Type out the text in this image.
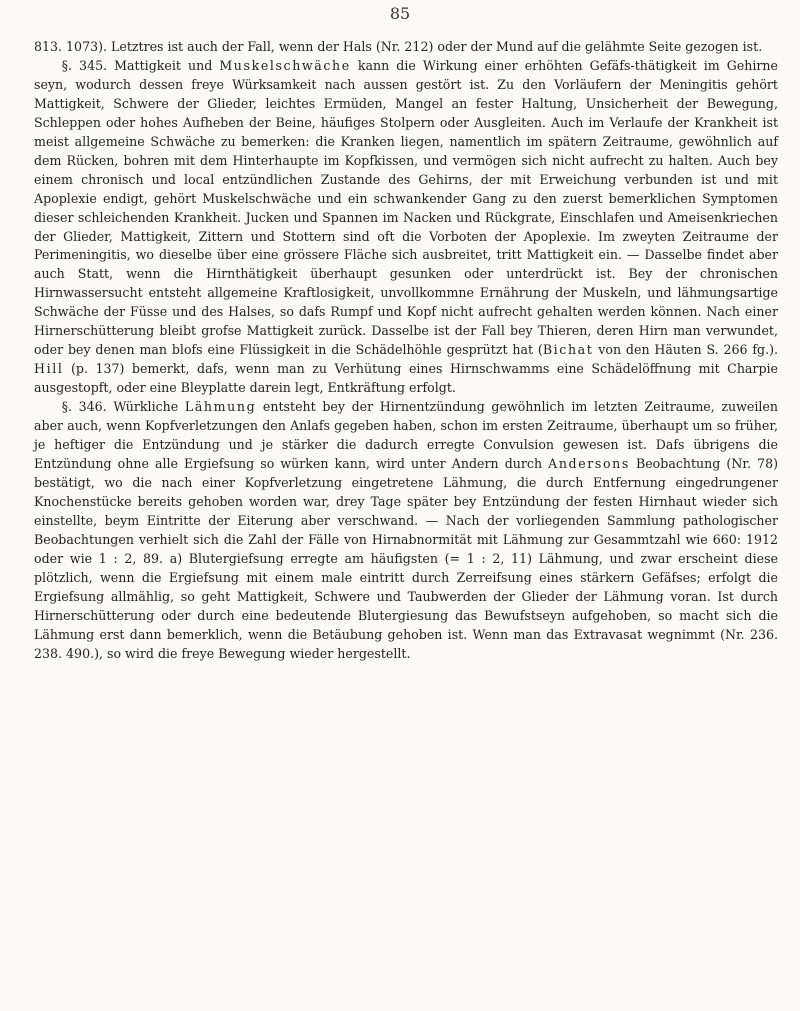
85

813. 1073). Letztres ist auch der Fall, wenn der Hals (Nr. 212) oder der Mund auf die gelähmte Seite gezogen ist.

§. 345. Mattigkeit und Muskelschwäche kann die Wirkung einer erhöhten Gefäfs-thätigkeit im Gehirne seyn, wodurch dessen freye Würksamkeit nach aussen gestört ist. Zu den Vorläufern der Meningitis gehört Mattigkeit, Schwere der Glieder, leichtes Ermüden, Mangel an fester Haltung, Unsicherheit der Bewegung, Schleppen oder hohes Aufheben der Beine, häufiges Stolpern oder Ausgleiten. Auch im Verlaufe der Krankheit ist meist allgemeine Schwäche zu bemerken: die Kranken liegen, namentlich im spätern Zeitraume, gewöhnlich auf dem Rücken, bohren mit dem Hinterhaupte im Kopfkissen, und vermögen sich nicht aufrecht zu halten. Auch bey einem chronisch und local entzündlichen Zustande des Gehirns, der mit Erweichung verbunden ist und mit Apoplexie endigt, gehört Muskelschwäche und ein schwankender Gang zu den zuerst bemerklichen Symptomen dieser schleichenden Krankheit. Jucken und Spannen im Nacken und Rückgrate, Einschlafen und Ameisenkriechen der Glieder, Mattigkeit, Zittern und Stottern sind oft die Vorboten der Apoplexie. Im zweyten Zeitraume der Perimeningitis, wo dieselbe über eine grössere Fläche sich ausbreitet, tritt Mattigkeit ein. — Dasselbe findet aber auch Statt, wenn die Hirnthätigkeit überhaupt gesunken oder unterdrückt ist. Bey der chronischen Hirnwassersucht entsteht allgemeine Kraftlosigkeit, unvollkommne Ernährung der Muskeln, und lähmungsartige Schwäche der Füsse und des Halses, so dafs Rumpf und Kopf nicht aufrecht gehalten werden können. Nach einer Hirnerschütterung bleibt grofse Mattigkeit zurück. Dasselbe ist der Fall bey Thieren, deren Hirn man verwundet, oder bey denen man blofs eine Flüssigkeit in die Schädelhöhle gesprützt hat (Bichat von den Häuten S. 266 fg.). Hill (p. 137) bemerkt, dafs, wenn man zu Verhütung eines Hirnschwamms eine Schädelöffnung mit Charpie ausgestopft, oder eine Bleyplatte darein legt, Entkräftung erfolgt.

§. 346. Würkliche Lähmung entsteht bey der Hirnentzündung gewöhnlich im letzten Zeitraume, zuweilen aber auch, wenn Kopfverletzungen den Anlafs gegeben haben, schon im ersten Zeitraume, überhaupt um so früher, je heftiger die Entzündung und je stärker die dadurch erregte Convulsion gewesen ist. Dafs übrigens die Entzündung ohne alle Ergiefsung so würken kann, wird unter Andern durch Andersons Beobachtung (Nr. 78) bestätigt, wo die nach einer Kopfverletzung eingetretene Lähmung, die durch Entfernung eingedrungener Knochenstücke bereits gehoben worden war, drey Tage später bey Entzündung der festen Hirnhaut wieder sich einstellte, beym Eintritte der Eiterung aber verschwand. — Nach der vorliegenden Sammlung pathologischer Beobachtungen verhielt sich die Zahl der Fälle von Hirnabnormität mit Lähmung zur Gesammtzahl wie 660: 1912 oder wie 1 : 2, 89. a) Blutergiefsung erregte am häufigsten (= 1 : 2, 11) Lähmung, und zwar erscheint diese plötzlich, wenn die Ergiefsung mit einem male eintritt durch Zerreifsung eines stärkern Gefäfses; erfolgt die Ergiefsung allmählig, so geht Mattigkeit, Schwere und Taubwerden der Glieder der Lähmung voran. Ist durch Hirnerschütterung oder durch eine bedeutende Blutergiesung das Bewufstseyn aufgehoben, so macht sich die Lähmung erst dann bemerklich, wenn die Betäubung gehoben ist. Wenn man das Extravasat wegnimmt (Nr. 236. 238. 490.), so wird die freye Bewegung wieder hergestellt.
